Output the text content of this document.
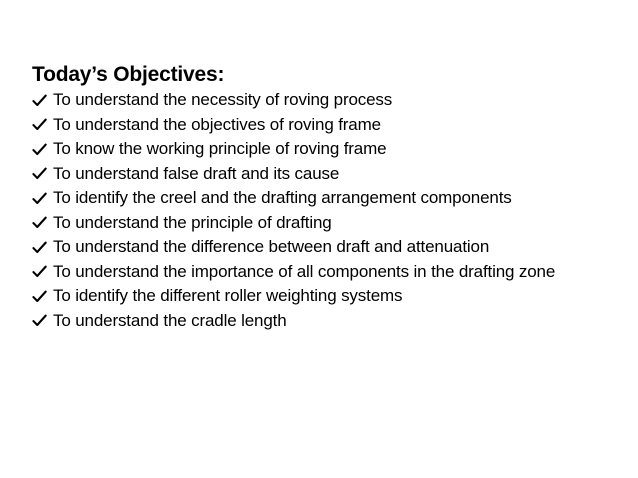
Today’s Objectives:
To understand the necessity of roving process
To understand the objectives of roving frame
To know the working principle of roving frame
To understand false draft and its cause
To identify the creel and the drafting arrangement components
To understand the principle of drafting
To understand the difference between draft and attenuation
To understand the importance of all components in the drafting zone
To identify the different roller weighting systems
To understand the cradle length
